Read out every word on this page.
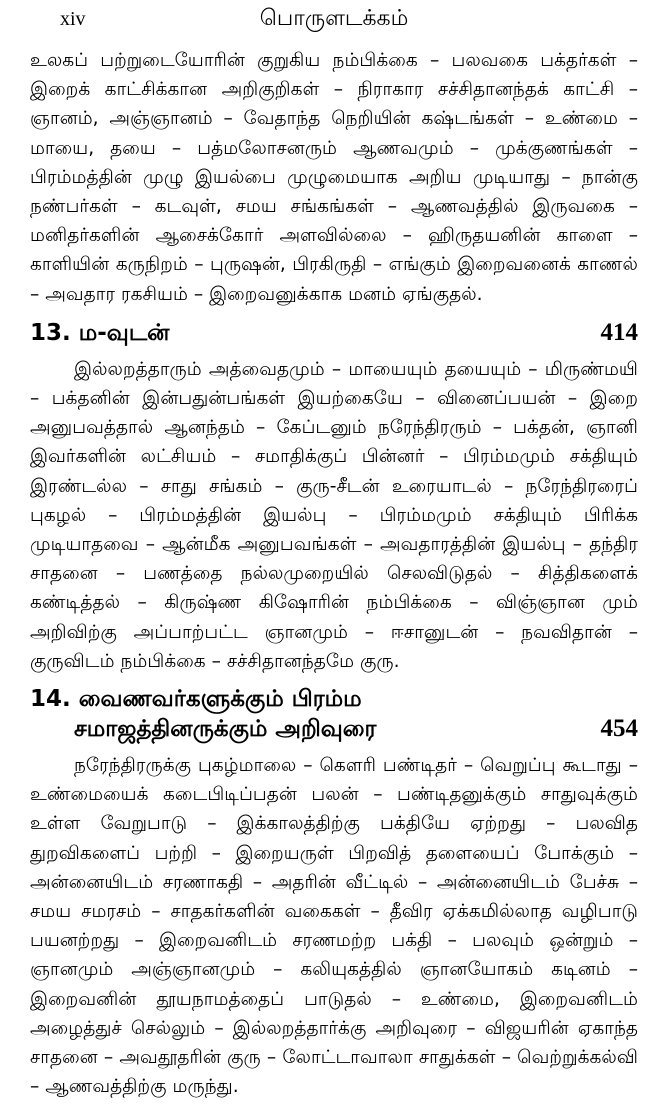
xiv	பொருளடக்கம்

உலகப் பற்றுடையோரின் குறுகிய நம்பிக்கை – பலவகை பக்தர்கள் – இறைக் காட்சிக்கான அறிகுறிகள் – நிராகார சச்சிதானந்தக் காட்சி – ஞானம், அஞ்ஞானம் – வேதாந்த நெறியின் கஷ்டங்கள் – உண்மை – மாயை, தயை – பத்மலோசனரும் ஆணவமும் – முக்குணங்கள் – பிரம்மத்தின் முழு இயல்பை முழுமையாக அறிய முடியாது – நான்கு நண்பர்கள் – கடவுள், சமய சங்கங்கள் – ஆணவத்தில் இருவகை – மனிதர்களின் ஆசைக்கோர் அளவில்லை – ஹிருதயனின் காளை – காளியின் கருநிறம் – புருஷன், பிரகிருதி – எங்கும் இறைவனைக் காணல் – அவதார ரகசியம் – இறைவனுக்காக மனம் ஏங்குதல்.

13. ம-வுடன்	414

இல்லறத்தாரும் அத்வைதமும் – மாயையும் தயையும் – மிருண்மயி – பக்தனின் இன்பதுன்பங்கள் இயற்கையே – வினைப்பயன் – இறை அனுபவத்தால் ஆனந்தம் – கேப்டனும் நரேந்திரரும் – பக்தன், ஞானி இவர்களின் லட்சியம் – சமாதிக்குப் பின்னர் – பிரம்மமும் சக்தியும் இரண்டல்ல – சாது சங்கம் – குரு-சீடன் உரையாடல் – நரேந்திரரைப் புகழல் – பிரம்மத்தின் இயல்பு – பிரம்மமும் சக்தியும் பிரிக்க முடியாதவை – ஆன்மீக அனுபவங்கள் – அவதாரத்தின் இயல்பு – தந்திர சாதனை – பணத்தை நல்லமுறையில் செலவிடுதல் – சித்திகளைக் கண்டித்தல் – கிருஷ்ண கிஷோரின் நம்பிக்கை – விஞ்ஞான மும் அறிவிற்கு அப்பாற்பட்ட ஞானமும் – ஈசானுடன் – நவவிதான் – குருவிடம் நம்பிக்கை – சச்சிதானந்தமே குரு.

14. வைணவர்களுக்கும் பிரம்ம
சமாஜத்தினருக்கும் அறிவுரை	454

நரேந்திரருக்கு புகழ்மாலை – கௌரி பண்டிதர் – வெறுப்பு கூடாது – உண்மையைக் கடைபிடிப்பதன் பலன் – பண்டிதனுக்கும் சாதுவுக்கும் உள்ள வேறுபாடு – இக்காலத்திற்கு பக்தியே ஏற்றது – பலவித துறவிகளைப் பற்றி – இறையருள் பிறவித் தளையைப் போக்கும் – அன்னையிடம் சரணாகதி – அதரின் வீட்டில் – அன்னையிடம் பேச்சு – சமய சமரசம் – சாதகர்களின் வகைகள் – தீவிர ஏக்கமில்லாத வழிபாடு பயனற்றது – இறைவனிடம் சரணமற்ற பக்தி – பலவும் ஒன்றும் – ஞானமும் அஞ்ஞானமும் – கலியுகத்தில் ஞானயோகம் கடினம் – இறைவனின் தூயநாமத்தைப் பாடுதல் – உண்மை, இறைவனிடம் அழைத்துச் செல்லும் – இல்லறத்தார்க்கு அறிவுரை – விஜயரின் ஏகாந்த சாதனை – அவதூதரின் குரு – லோட்டாவாலா சாதுக்கள் – வெற்றுக்கல்வி – ஆணவத்திற்கு மருந்து.
